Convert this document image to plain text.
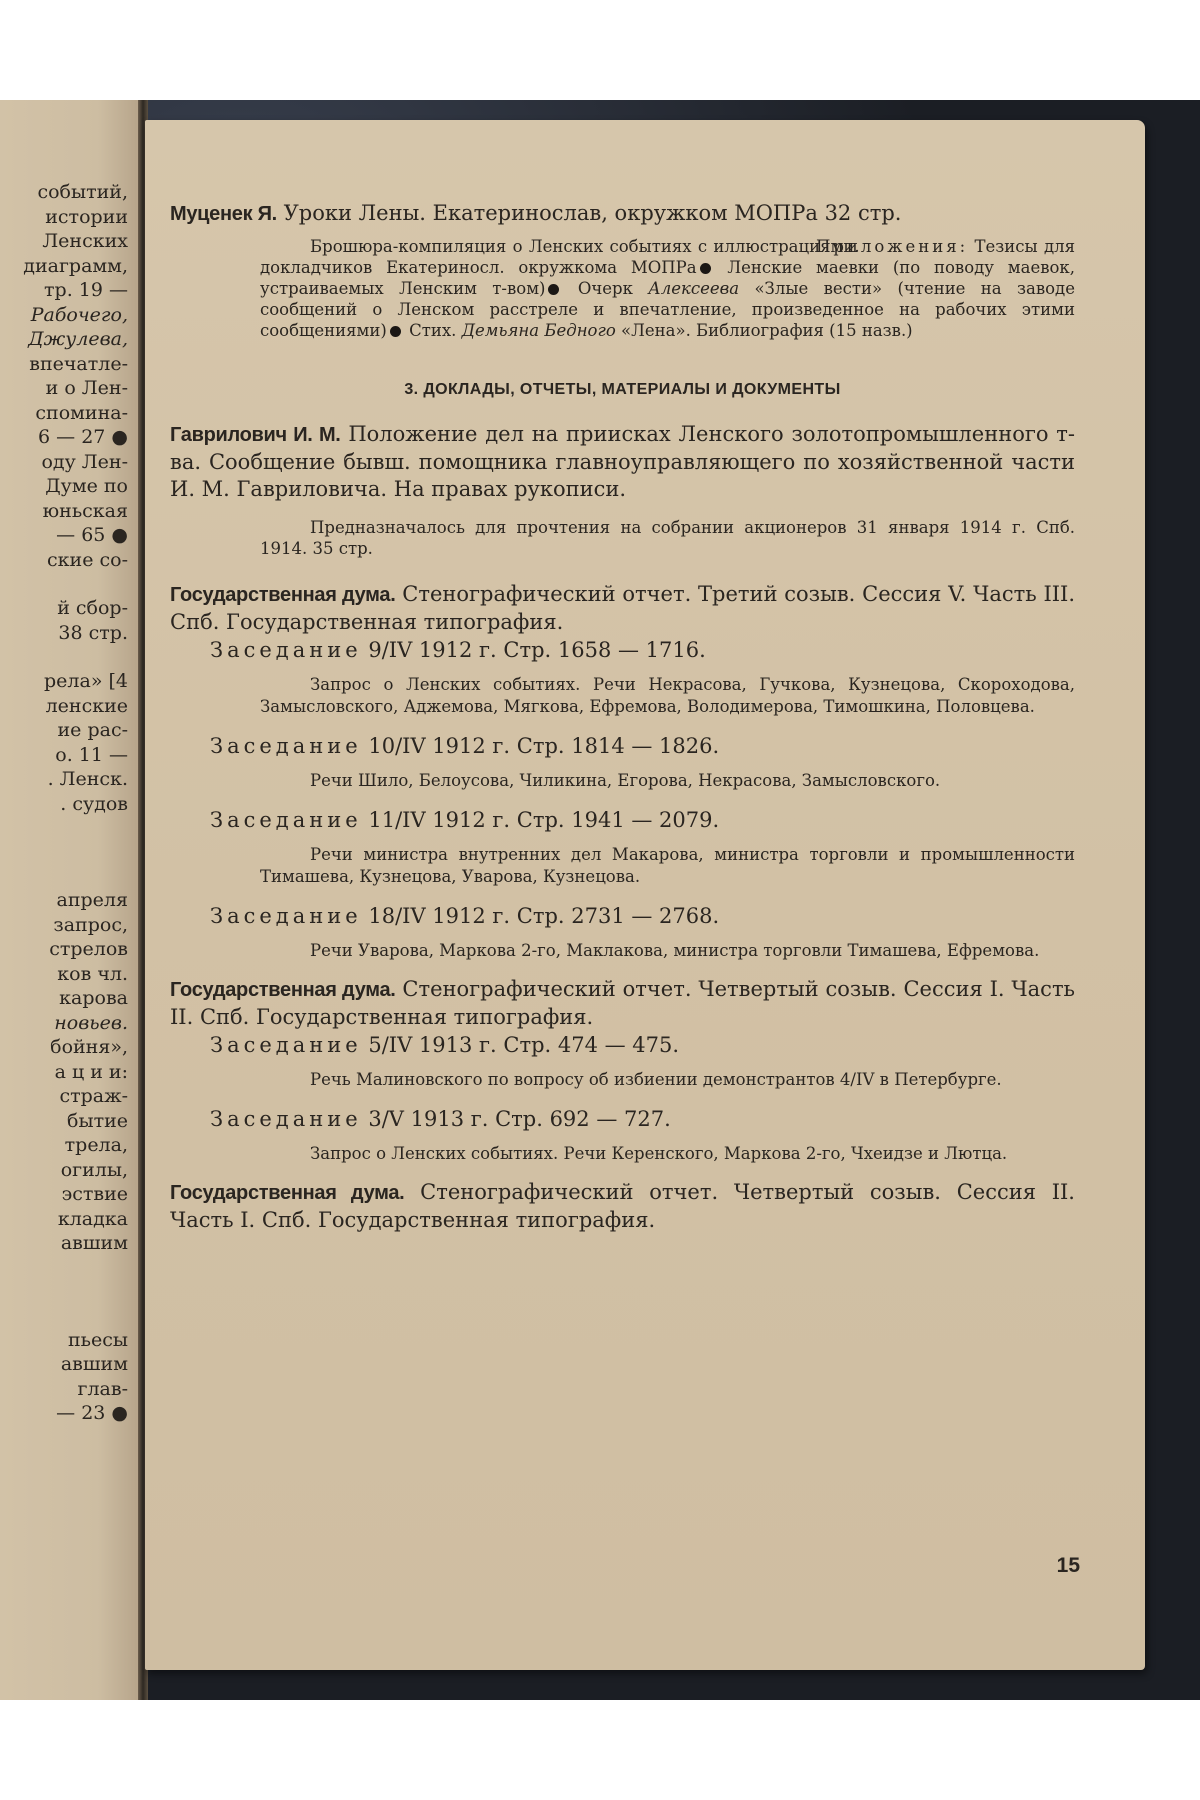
событий,
истории
Ленских
диаграмм,
тр. 19 —
Рабочего,
Джулева,
впечатле-
и о Лен-
спомина-
6 — 27 ●
оду Лен-
Думе по
юньская
— 65 ●
ские со-
й сбор-
38 стр.
рела» [4
ленские
ие рас-
о. 11 —
. Ленск.
. судов
апреля
запрос,
стрелов
ков чл.
карова
новьев.
бойня»,
а ц и и:
страж-
бытие
трела,
огилы,
эствие
кладка
авшим
пьесы
авшим
глав-
— 23 ●

Муценек Я. Уроки Лены. Екатеринослав, окружком МОПРа 32 стр.

Брошюра-компиляция о Ленских событиях с иллюстрациями. Приложения: Тезисы для докладчиков Екатериносл. окружкома МОПРа Ленские маевки (по поводу маевок, устраиваемых Ленским т-вом) Очерк Алексеева «Злые вести» (чтение на заводе сообщений о Ленском расстреле и впечатление, произведенное на рабочих этими сообщениями) Стих. Демьяна Бедного «Лена». Библиография (15 назв.)

3. ДОКЛАДЫ, ОТЧЕТЫ, МАТЕРИАЛЫ И ДОКУМЕНТЫ

Гаврилович И. М. Положение дел на приисках Ленского золотопромышленного т-ва. Сообщение бывш. помощника главноуправляющего по хозяйственной части И. М. Гавриловича. На правах рукописи.

Предназначалось для прочтения на собрании акционеров 31 января 1914 г. Спб. 1914. 35 стр.

Государственная дума. Стенографический отчет. Третий созыв. Сессия V. Часть III. Спб. Государственная типография.

Заседание 9/IV 1912 г. Стр. 1658 — 1716.

Запрос о Ленских событиях. Речи Некрасова, Гучкова, Кузнецова, Скороходова, Замысловского, Аджемова, Мягкова, Ефремова, Володимерова, Тимошкина, Половцева.

Заседание 10/IV 1912 г. Стр. 1814 — 1826.

Речи Шило, Белоусова, Чиликина, Егорова, Некрасова, Замысловского.

Заседание 11/IV 1912 г. Стр. 1941 — 2079.

Речи министра внутренних дел Макарова, министра торговли и промышленности Тимашева, Кузнецова, Уварова, Кузнецова.

Заседание 18/IV 1912 г. Стр. 2731 — 2768.

Речи Уварова, Маркова 2-го, Маклакова, министра торговли Тимашева, Ефремова.

Государственная дума. Стенографический отчет. Четвертый созыв. Сессия I. Часть II. Спб. Государственная типография.

Заседание 5/IV 1913 г. Стр. 474 — 475.

Речь Малиновского по вопросу об избиении демонстрантов 4/IV в Петербурге.

Заседание 3/V 1913 г. Стр. 692 — 727.

Запрос о Ленских событиях. Речи Керенского, Маркова 2-го, Чхеидзе и Лютца.

Государственная дума. Стенографический отчет. Четвертый созыв. Сессия II. Часть I. Спб. Государственная типография.

15
